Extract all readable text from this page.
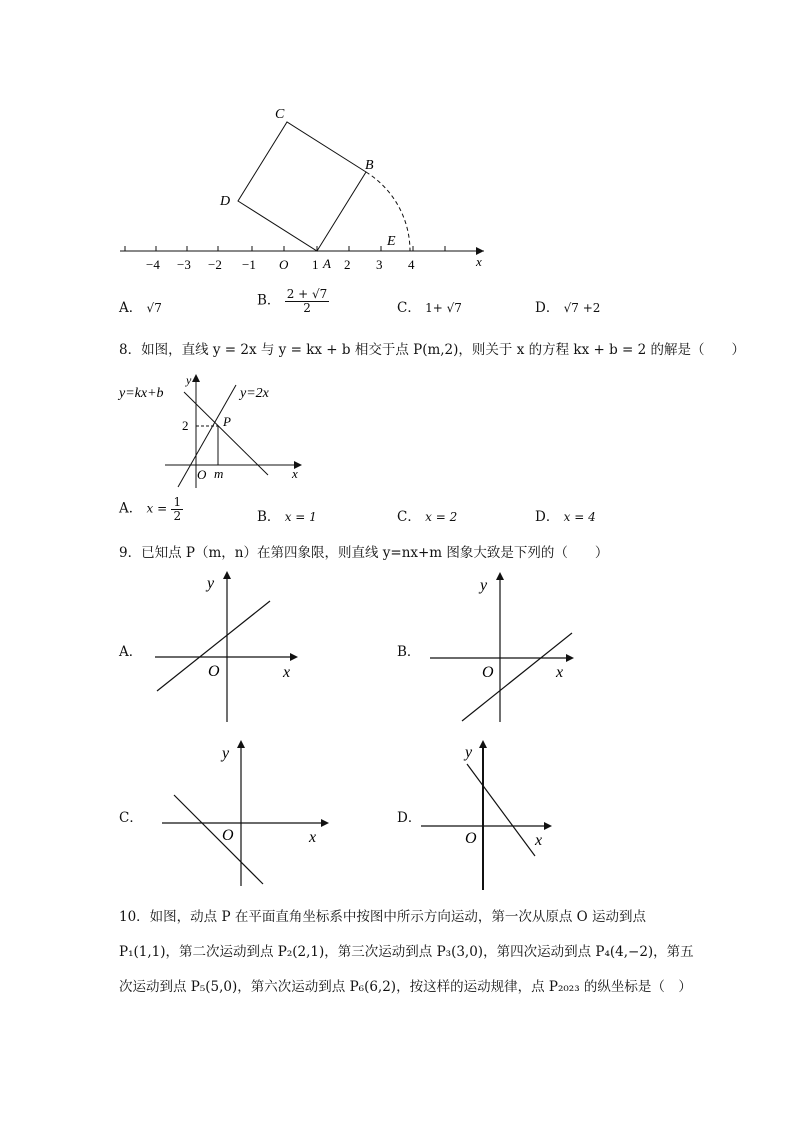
−4 −3 −2 −1 O 1 2 3 4	x
C
B
D
E
A
A． √7	B． $\frac{2 + √7}{2}$	C． 1+ √7	D． √7 +2
8．如图，直线 y = 2x 与 y = kx + b 相交于点 P(m,2)，则关于 x 的方程 kx + b = 2 的解是（　　）
y=kx+b	y=2x
y
x
2	P
O m
A． $x = \frac{1}{2}$	B． x = 1	C． x = 2	D． x = 4
9．已知点 P（m，n）在第四象限，则直线 y=nx+m 图象大致是下列的（　　）
A．
y
x
O
B．
y
x
O
C．
y
x
O
D．
y
x
O
10．如图，动点 P 在平面直角坐标系中按图中所示方向运动，第一次从原点 O 运动到点
P₁(1,1)，第二次运动到点 P₂(2,1)，第三次运动到点 P₃(3,0)，第四次运动到点 P₄(4,−2)，第五
次运动到点 P₅(5,0)，第六次运动到点 P₆(6,2)，按这样的运动规律，点 P₂₀₂₃ 的纵坐标是（　）
